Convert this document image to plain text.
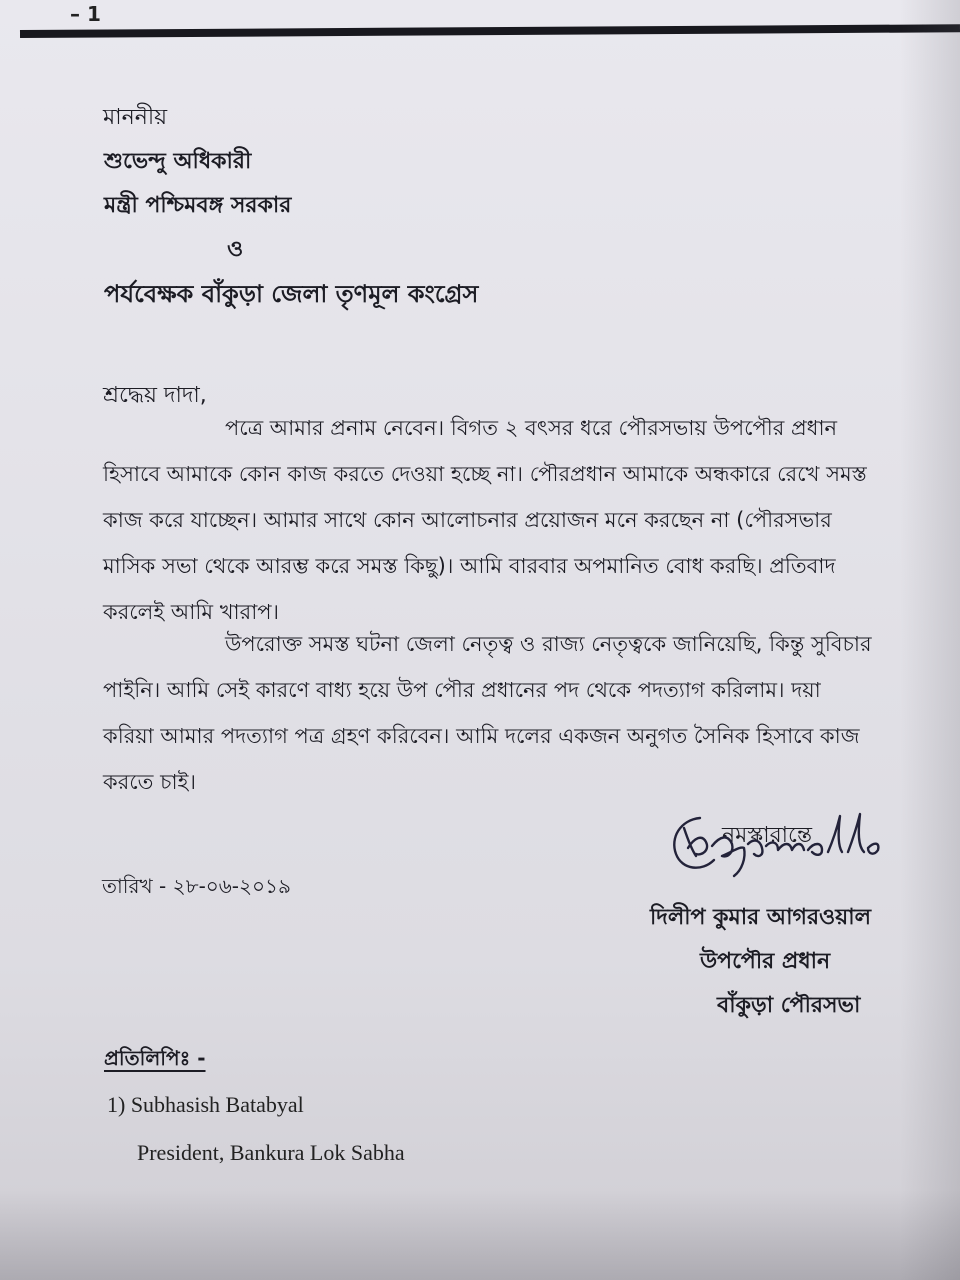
– 1
মাননীয়
শুভেন্দু অধিকারী
মন্ত্রী পশ্চিমবঙ্গ সরকার
ও
পর্যবেক্ষক বাঁকুড়া জেলা তৃণমূল কংগ্রেস
শ্রদ্ধেয় দাদা,
পত্রে আমার প্রনাম নেবেন। বিগত ২ বৎসর ধরে পৌরসভায় উপপৌর প্রধান
হিসাবে আমাকে কোন কাজ করতে দেওয়া হচ্ছে না। পৌরপ্রধান আমাকে অন্ধকারে রেখে সমস্ত
কাজ করে যাচ্ছেন। আমার সাথে কোন আলোচনার প্রয়োজন মনে করছেন না (পৌরসভার
মাসিক সভা থেকে আরম্ভ করে সমস্ত কিছু)। আমি বারবার অপমানিত বোধ করছি। প্রতিবাদ
করলেই আমি খারাপ।
উপরোক্ত সমস্ত ঘটনা জেলা নেতৃত্ব ও রাজ্য নেতৃত্বকে জানিয়েছি, কিন্তু সুবিচার
পাইনি। আমি সেই কারণে বাধ্য হয়ে উপ পৌর প্রধানের পদ থেকে পদত্যাগ করিলাম। দয়া
করিয়া আমার পদত্যাগ পত্র গ্রহণ করিবেন। আমি দলের একজন অনুগত সৈনিক হিসাবে কাজ
করতে চাই।
নমস্কারান্তে
তারিখ - ২৮-০৬-২০১৯
দিলীপ কুমার আগরওয়াল
উপপৌর প্রধান
বাঁকুড়া পৌরসভা
প্রতিলিপিঃ -
1) Subhasish Batabyal
President, Bankura Lok Sabha
